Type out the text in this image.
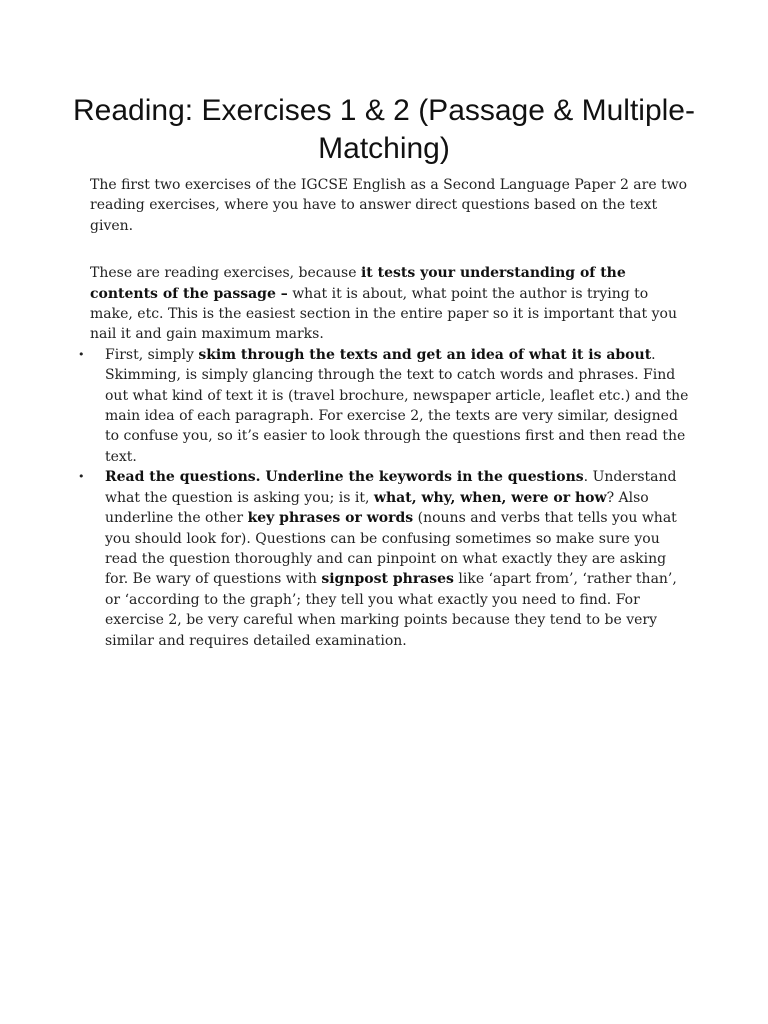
Reading: Exercises 1 & 2 (Passage & Multiple-Matching)

The first two exercises of the IGCSE English as a Second Language Paper 2 are two reading exercises, where you have to answer direct questions based on the text given.

These are reading exercises, because it tests your understanding of the contents of the passage – what it is about, what point the author is trying to make, etc. This is the easiest section in the entire paper so it is important that you nail it and gain maximum marks.

• First, simply skim through the texts and get an idea of what it is about. Skimming, is simply glancing through the text to catch words and phrases. Find out what kind of text it is (travel brochure, newspaper article, leaflet etc.) and the main idea of each paragraph. For exercise 2, the texts are very similar, designed to confuse you, so it’s easier to look through the questions first and then read the text.
• Read the questions. Underline the keywords in the questions. Understand what the question is asking you; is it, what, why, when, were or how? Also underline the other key phrases or words (nouns and verbs that tells you what you should look for). Questions can be confusing sometimes so make sure you read the question thoroughly and can pinpoint on what exactly they are asking for. Be wary of questions with signpost phrases like ‘apart from’, ‘rather than’, or ‘according to the graph’; they tell you what exactly you need to find. For exercise 2, be very careful when marking points because they tend to be very similar and requires detailed examination.
